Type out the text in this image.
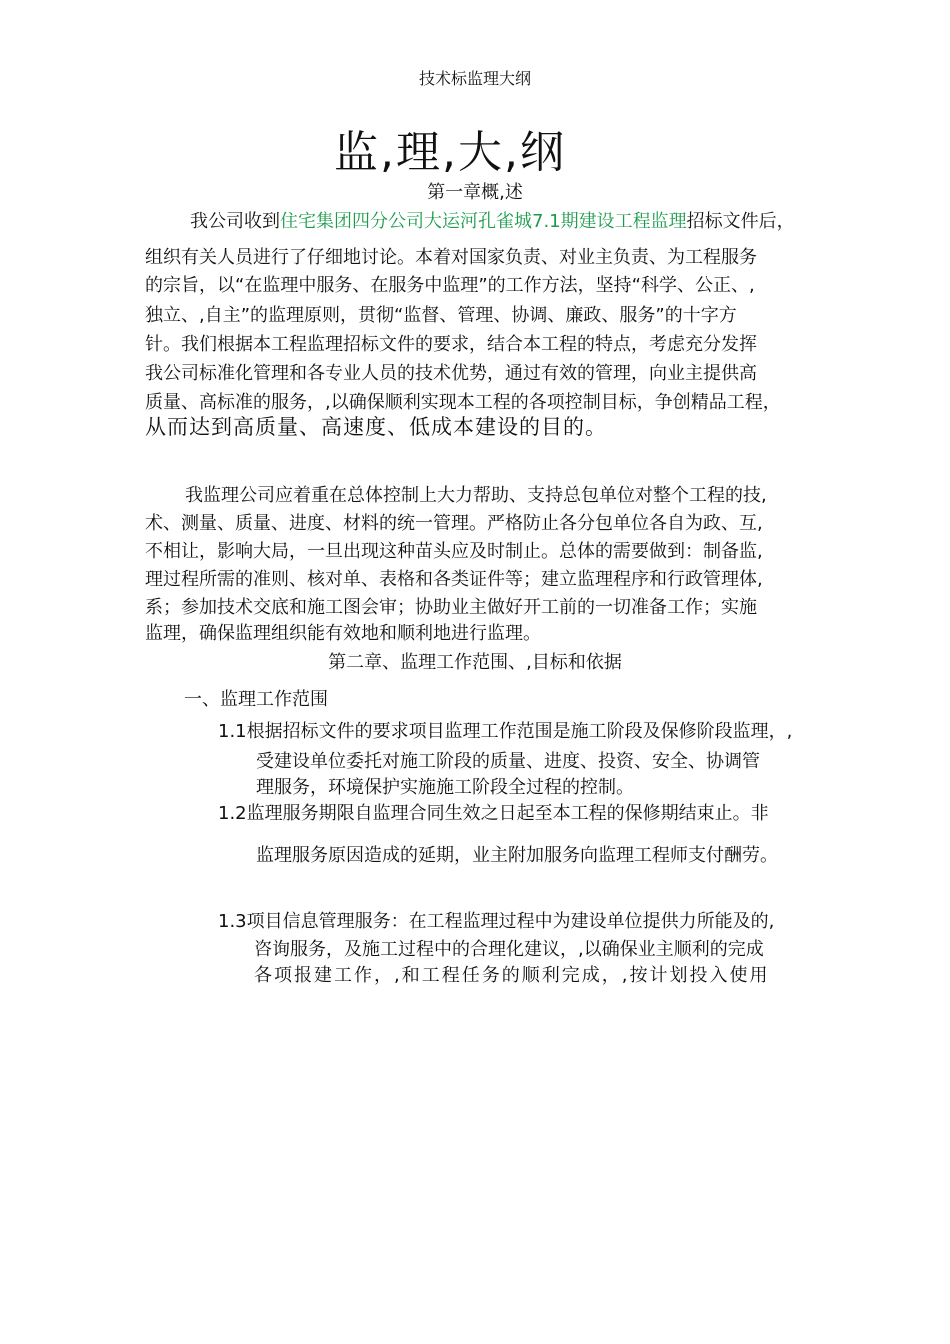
技术标监理大纲
监,理,大,纲
第一章概,述
我公司收到住宅集团四分公司大运河孔雀城7.1期建设工程监理招标文件后，
组织有关人员进行了仔细地讨论。本着对国家负责、对业主负责、为工程服务
的宗旨，以“在监理中服务、在服务中监理”的工作方法，坚持“科学、公正、,
独立、,自主”的监理原则，贯彻“监督、管理、协调、廉政、服务”的十字方
针。我们根据本工程监理招标文件的要求，结合本工程的特点，考虑充分发挥
我公司标准化管理和各专业人员的技术优势，通过有效的管理，向业主提供高
质量、高标准的服务，,以确保顺利实现本工程的各项控制目标，争创精品工程，
从而达到高质量、高速度、低成本建设的目的。
我监理公司应着重在总体控制上大力帮助、支持总包单位对整个工程的技,
术、测量、质量、进度、材料的统一管理。严格防止各分包单位各自为政、互,
不相让，影响大局，一旦出现这种苗头应及时制止。总体的需要做到：制备监,
理过程所需的准则、核对单、表格和各类证件等；建立监理程序和行政管理体,
系；参加技术交底和施工图会审；协助业主做好开工前的一切准备工作；实施
监理，确保监理组织能有效地和顺利地进行监理。
第二章、监理工作范围、,目标和依据
一、监理工作范围
1.1根据招标文件的要求项目监理工作范围是施工阶段及保修阶段监理，,
受建设单位委托对施工阶段的质量、进度、投资、安全、协调管
理服务，环境保护实施施工阶段全过程的控制。
1.2监理服务期限自监理合同生效之日起至本工程的保修期结束止。非
监理服务原因造成的延期，业主附加服务向监理工程师支付酬劳。
1.3项目信息管理服务：在工程监理过程中为建设单位提供力所能及的,
咨询服务，及施工过程中的合理化建议，,以确保业主顺利的完成
各项报建工作，,和工程任务的顺利完成，,按计划投入使用
